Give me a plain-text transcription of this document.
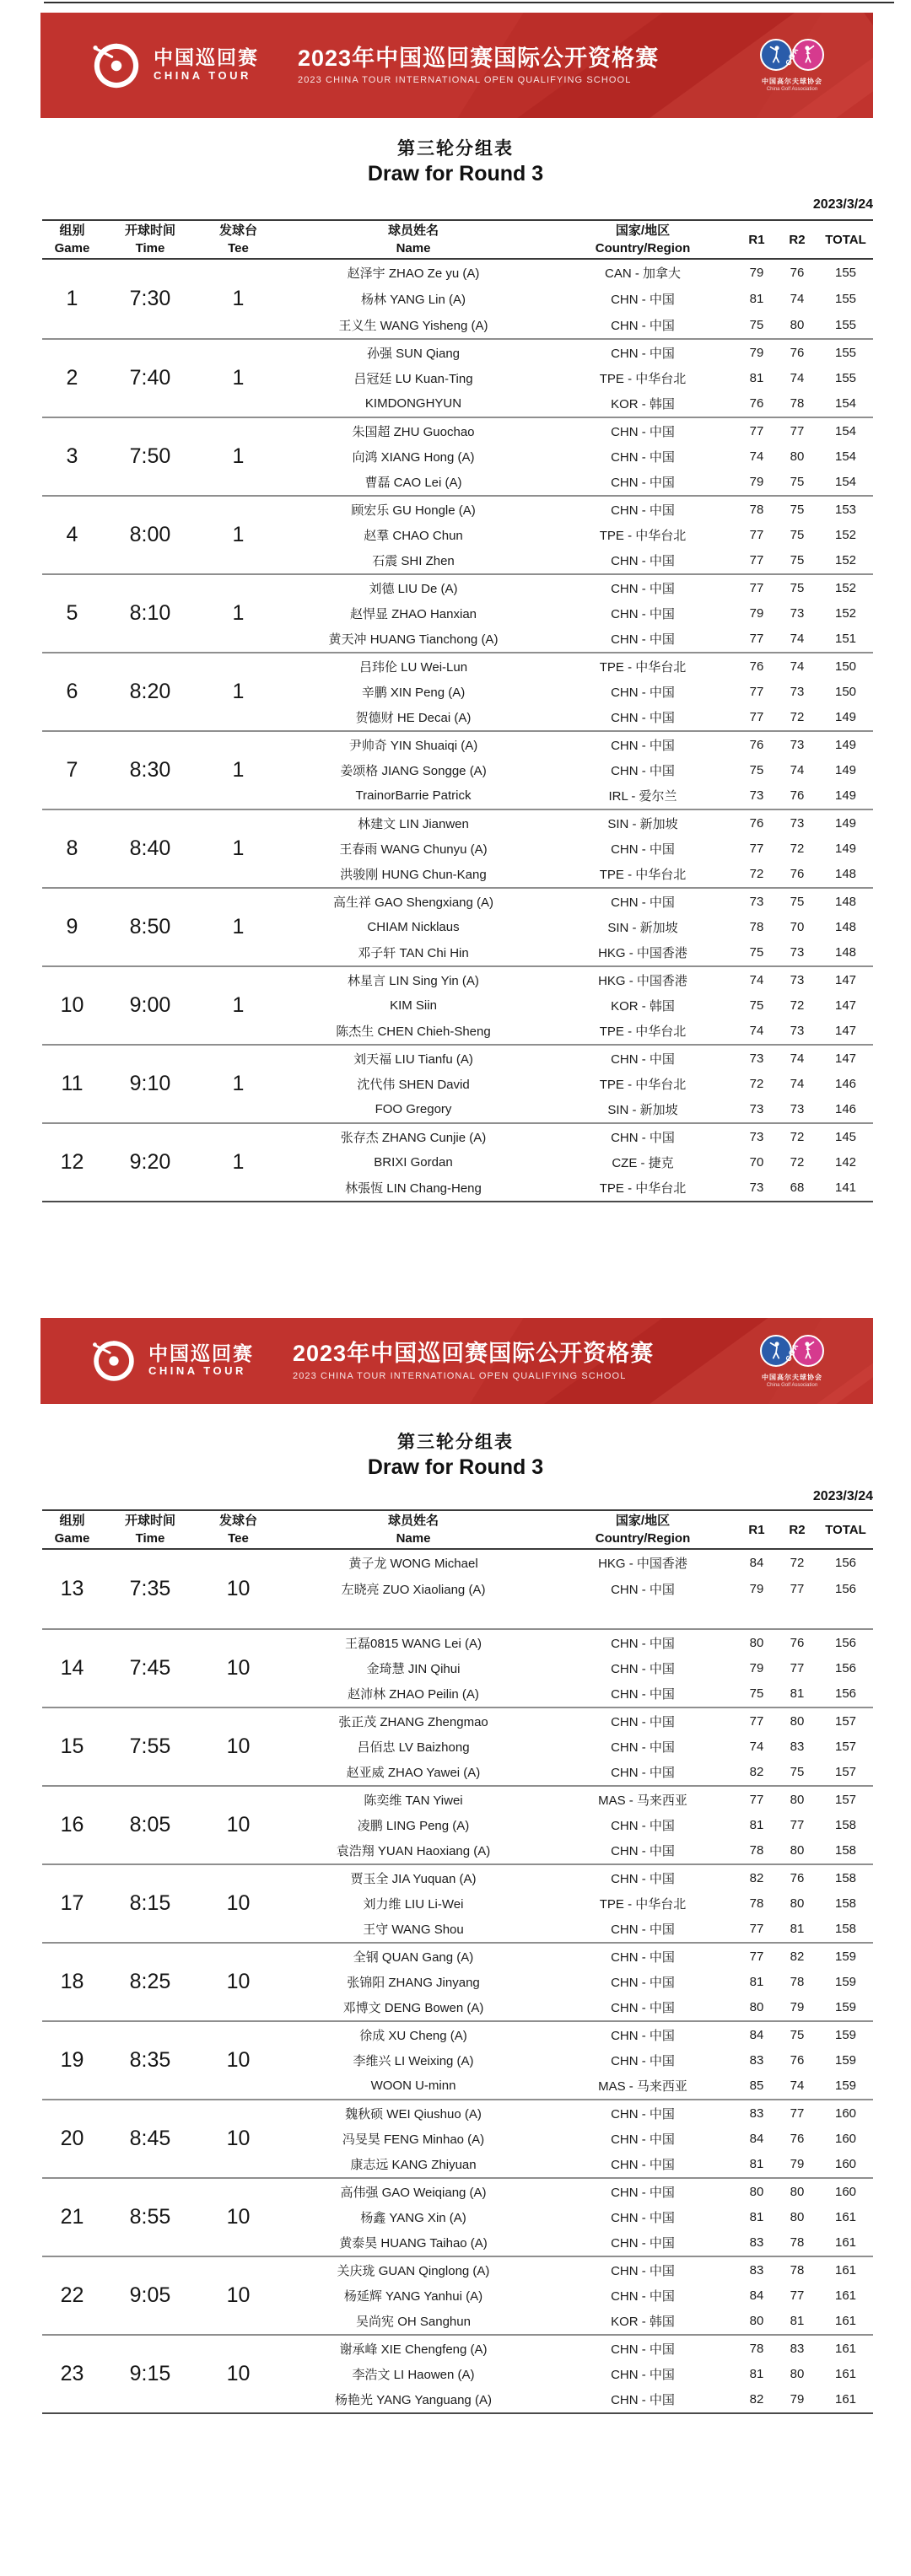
中国巡回赛
CHINA TOUR
2023年中国巡回赛国际公开资格赛
2023 CHINA TOUR INTERNATIONAL OPEN QUALIFYING SCHOOL
CGA
中国高尔夫球协会
China Golf Association
第三轮分组表
Draw for Round 3
2023/3/24
组别
Game
开球时间
Time
发球台
Tee
球员姓名
Name
国家/地区
Country/Region
R1 R2 TOTAL
1	7:30	1
赵泽宇 ZHAO Ze yu (A)	CAN - 加拿大	79	76	155
杨林 YANG Lin (A)	CHN - 中国	81	74	155
王义生 WANG Yisheng (A)	CHN - 中国	75	80	155
2	7:40	1
孙强 SUN Qiang	CHN - 中国	79	76	155
吕冠廷 LU Kuan-Ting	TPE - 中华台北	81	74	155
KIMDONGHYUN	KOR - 韩国	76	78	154
3	7:50	1
朱国超 ZHU Guochao	CHN - 中国	77	77	154
向鸿 XIANG Hong (A)	CHN - 中国	74	80	154
曹磊 CAO Lei (A)	CHN - 中国	79	75	154
4	8:00	1
顾宏乐 GU Hongle (A)	CHN - 中国	78	75	153
赵羣 CHAO Chun	TPE - 中华台北	77	75	152
石震 SHI Zhen	CHN - 中国	77	75	152
5	8:10	1
刘德 LIU De (A)	CHN - 中国	77	75	152
赵悍显 ZHAO Hanxian	CHN - 中国	79	73	152
黄天冲 HUANG Tianchong (A)	CHN - 中国	77	74	151
6	8:20	1
吕玮伦 LU Wei-Lun	TPE - 中华台北	76	74	150
辛鹏 XIN Peng (A)	CHN - 中国	77	73	150
贺德财 HE Decai (A)	CHN - 中国	77	72	149
7	8:30	1
尹帅奇 YIN Shuaiqi (A)	CHN - 中国	76	73	149
姜颂格 JIANG Songge (A)	CHN - 中国	75	74	149
TrainorBarrie Patrick	IRL - 爱尔兰	73	76	149
8	8:40	1
林建文 LIN Jianwen	SIN - 新加坡	76	73	149
王春雨 WANG Chunyu (A)	CHN - 中国	77	72	149
洪骏刚 HUNG Chun-Kang	TPE - 中华台北	72	76	148
9	8:50	1
高生祥 GAO Shengxiang (A)	CHN - 中国	73	75	148
CHIAM Nicklaus	SIN - 新加坡	78	70	148
邓子轩 TAN Chi Hin	HKG - 中国香港	75	73	148
10	9:00	1
林星言 LIN Sing Yin (A)	HKG - 中国香港	74	73	147
KIM Siin	KOR - 韩国	75	72	147
陈杰生 CHEN Chieh-Sheng	TPE - 中华台北	74	73	147
11	9:10	1
刘天福 LIU Tianfu (A)	CHN - 中国	73	74	147
沈代伟 SHEN David	TPE - 中华台北	72	74	146
FOO Gregory	SIN - 新加坡	73	73	146
12	9:20	1
张存杰 ZHANG Cunjie (A)	CHN - 中国	73	72	145
BRIXI Gordan	CZE - 捷克	70	72	142
林張恆 LIN Chang-Heng	TPE - 中华台北	73	68	141
中国巡回赛
CHINA TOUR
2023年中国巡回赛国际公开资格赛
2023 CHINA TOUR INTERNATIONAL OPEN QUALIFYING SCHOOL
CGA
中国高尔夫球协会
China Golf Association
第三轮分组表
Draw for Round 3
2023/3/24
组别
Game
开球时间
Time
发球台
Tee
球员姓名
Name
国家/地区
Country/Region
R1 R2 TOTAL
13	7:35	10
黄子龙 WONG Michael	HKG - 中国香港	84	72	156
左晓亮 ZUO Xiaoliang (A)	CHN - 中国	79	77	156
14	7:45	10
王磊0815 WANG Lei (A)	CHN - 中国	80	76	156
金琦慧 JIN Qihui	CHN - 中国	79	77	156
赵沛林 ZHAO Peilin (A)	CHN - 中国	75	81	156
15	7:55	10
张正茂 ZHANG Zhengmao	CHN - 中国	77	80	157
吕佰忠 LV Baizhong	CHN - 中国	74	83	157
赵亚威 ZHAO Yawei (A)	CHN - 中国	82	75	157
16	8:05	10
陈奕维 TAN Yiwei	MAS - 马来西亚	77	80	157
凌鹏 LING Peng (A)	CHN - 中国	81	77	158
袁浩翔 YUAN Haoxiang (A)	CHN - 中国	78	80	158
17	8:15	10
贾玉全 JIA Yuquan (A)	CHN - 中国	82	76	158
刘力维 LIU Li-Wei	TPE - 中华台北	78	80	158
王守 WANG Shou	CHN - 中国	77	81	158
18	8:25	10
全钢 QUAN Gang (A)	CHN - 中国	77	82	159
张锦阳 ZHANG Jinyang	CHN - 中国	81	78	159
邓博文 DENG Bowen (A)	CHN - 中国	80	79	159
19	8:35	10
徐成 XU Cheng (A)	CHN - 中国	84	75	159
李维兴 LI Weixing (A)	CHN - 中国	83	76	159
WOON U-minn	MAS - 马来西亚	85	74	159
20	8:45	10
魏秋硕 WEI Qiushuo (A)	CHN - 中国	83	77	160
冯旻昊 FENG Minhao (A)	CHN - 中国	84	76	160
康志远 KANG Zhiyuan	CHN - 中国	81	79	160
21	8:55	10
高伟强 GAO Weiqiang (A)	CHN - 中国	80	80	160
杨鑫 YANG Xin (A)	CHN - 中国	81	80	161
黄泰昊 HUANG Taihao (A)	CHN - 中国	83	78	161
22	9:05	10
关庆珑 GUAN Qinglong (A)	CHN - 中国	83	78	161
杨延辉 YANG Yanhui (A)	CHN - 中国	84	77	161
吴尚宪 OH Sanghun	KOR - 韩国	80	81	161
23	9:15	10
谢承峰 XIE Chengfeng (A)	CHN - 中国	78	83	161
李浩文 LI Haowen (A)	CHN - 中国	81	80	161
杨艳光 YANG Yanguang (A)	CHN - 中国	82	79	161
